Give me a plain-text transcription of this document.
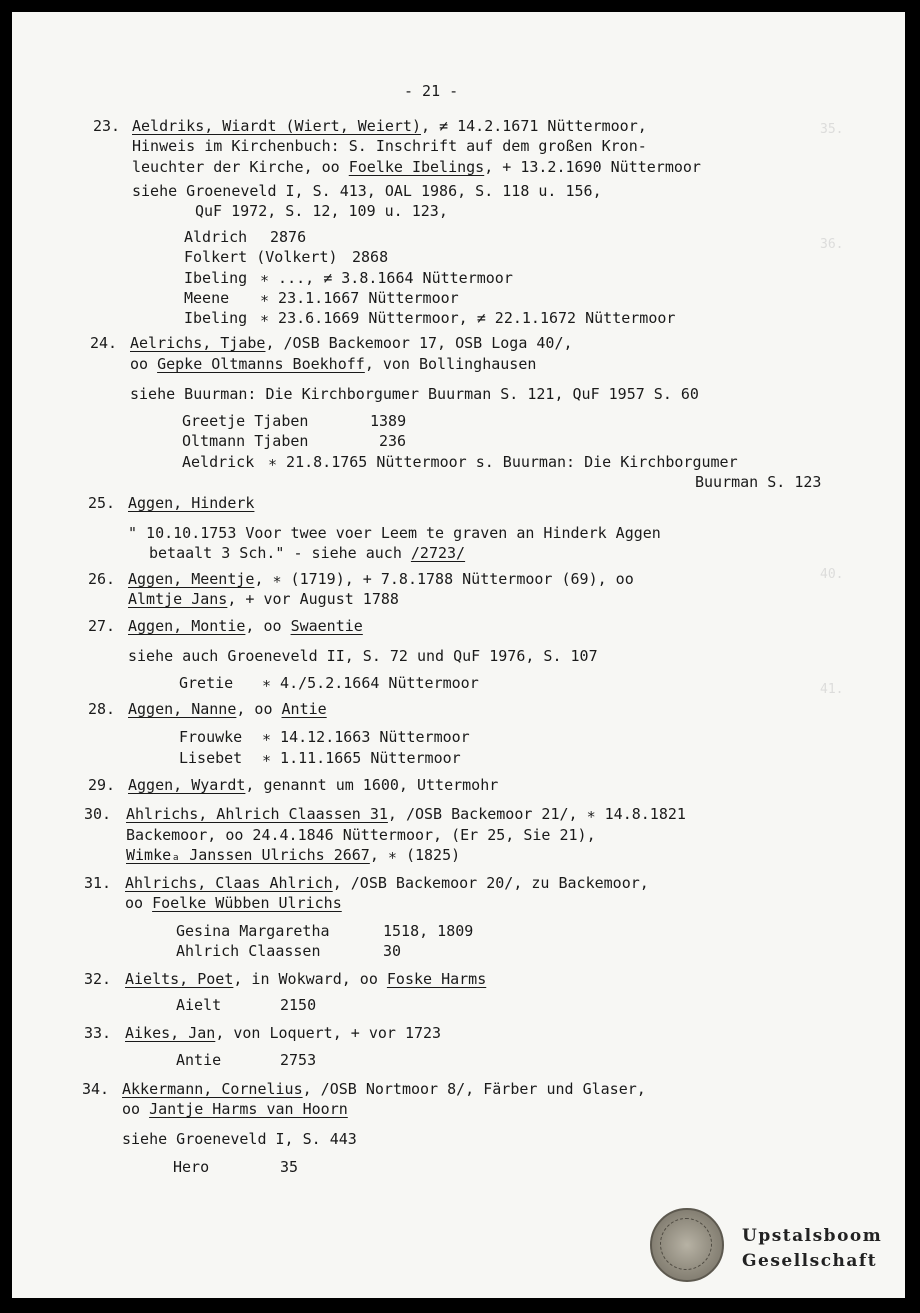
35.
36.
40.
41.
- 21 -
23. Aeldriks, Wiardt (Wiert, Weiert), ≠ 14.2.1671 Nüttermoor,
Hinweis im Kirchenbuch: S. Inschrift auf dem großen Kron-
leuchter der Kirche, oo Foelke Ibelings, + 13.2.1690 Nüttermoor
siehe Groeneveld I, S. 413, OAL 1986, S. 118 u. 156,
QuF 1972, S. 12, 109 u. 123,
Aldrich 2876
Folkert (Volkert) 2868
Ibeling ∗ ..., ≠ 3.8.1664 Nüttermoor
Meene ∗ 23.1.1667 Nüttermoor
Ibeling ∗ 23.6.1669 Nüttermoor, ≠ 22.1.1672 Nüttermoor
24. Aelrichs, Tjabe, /OSB Backemoor 17, OSB Loga 40/,
oo Gepke Oltmanns Boekhoff, von Bollinghausen
siehe Buurman: Die Kirchborgumer Buurman S. 121, QuF 1957 S. 60
Greetje Tjaben	1389
Oltmann Tjaben	236
Aeldrick ∗ 21.8.1765 Nüttermoor s. Buurman: Die Kirchborgumer
Buurman S. 123
25. Aggen, Hinderk
" 10.10.1753 Voor twee voer Leem te graven an Hinderk Aggen
betaalt 3 Sch." - siehe auch /2723/
26. Aggen, Meentje, ∗ (1719), + 7.8.1788 Nüttermoor (69), oo
Almtje Jans, + vor August 1788
27. Aggen, Montie, oo Swaentie
siehe auch Groeneveld II, S. 72 und QuF 1976, S. 107
Gretie ∗ 4./5.2.1664 Nüttermoor
28. Aggen, Nanne, oo Antie
Frouwke ∗ 14.12.1663 Nüttermoor
Lisebet ∗ 1.11.1665 Nüttermoor
29. Aggen, Wyardt, genannt um 1600, Uttermohr
30. Ahlrichs, Ahlrich Claassen 31, /OSB Backemoor 21/, ∗ 14.8.1821
Backemoor, oo 24.4.1846 Nüttermoor, (Er 25, Sie 21),
Wimkeₐ Janssen Ulrichs 2667, ∗ (1825)
31. Ahlrichs, Claas Ahlrich, /OSB Backemoor 20/, zu Backemoor,
oo Foelke Wübben Ulrichs
Gesina Margaretha	1518, 1809
Ahlrich Claassen	30
32. Aielts, Poet, in Wokward, oo Foske Harms
Aielt	2150
33. Aikes, Jan, von Loquert, + vor 1723
Antie	2753
34. Akkermann, Cornelius, /OSB Nortmoor 8/, Färber und Glaser,
oo Jantje Harms van Hoorn
siehe Groeneveld I, S. 443
Hero	35
Upstalsboom
Gesellschaft
